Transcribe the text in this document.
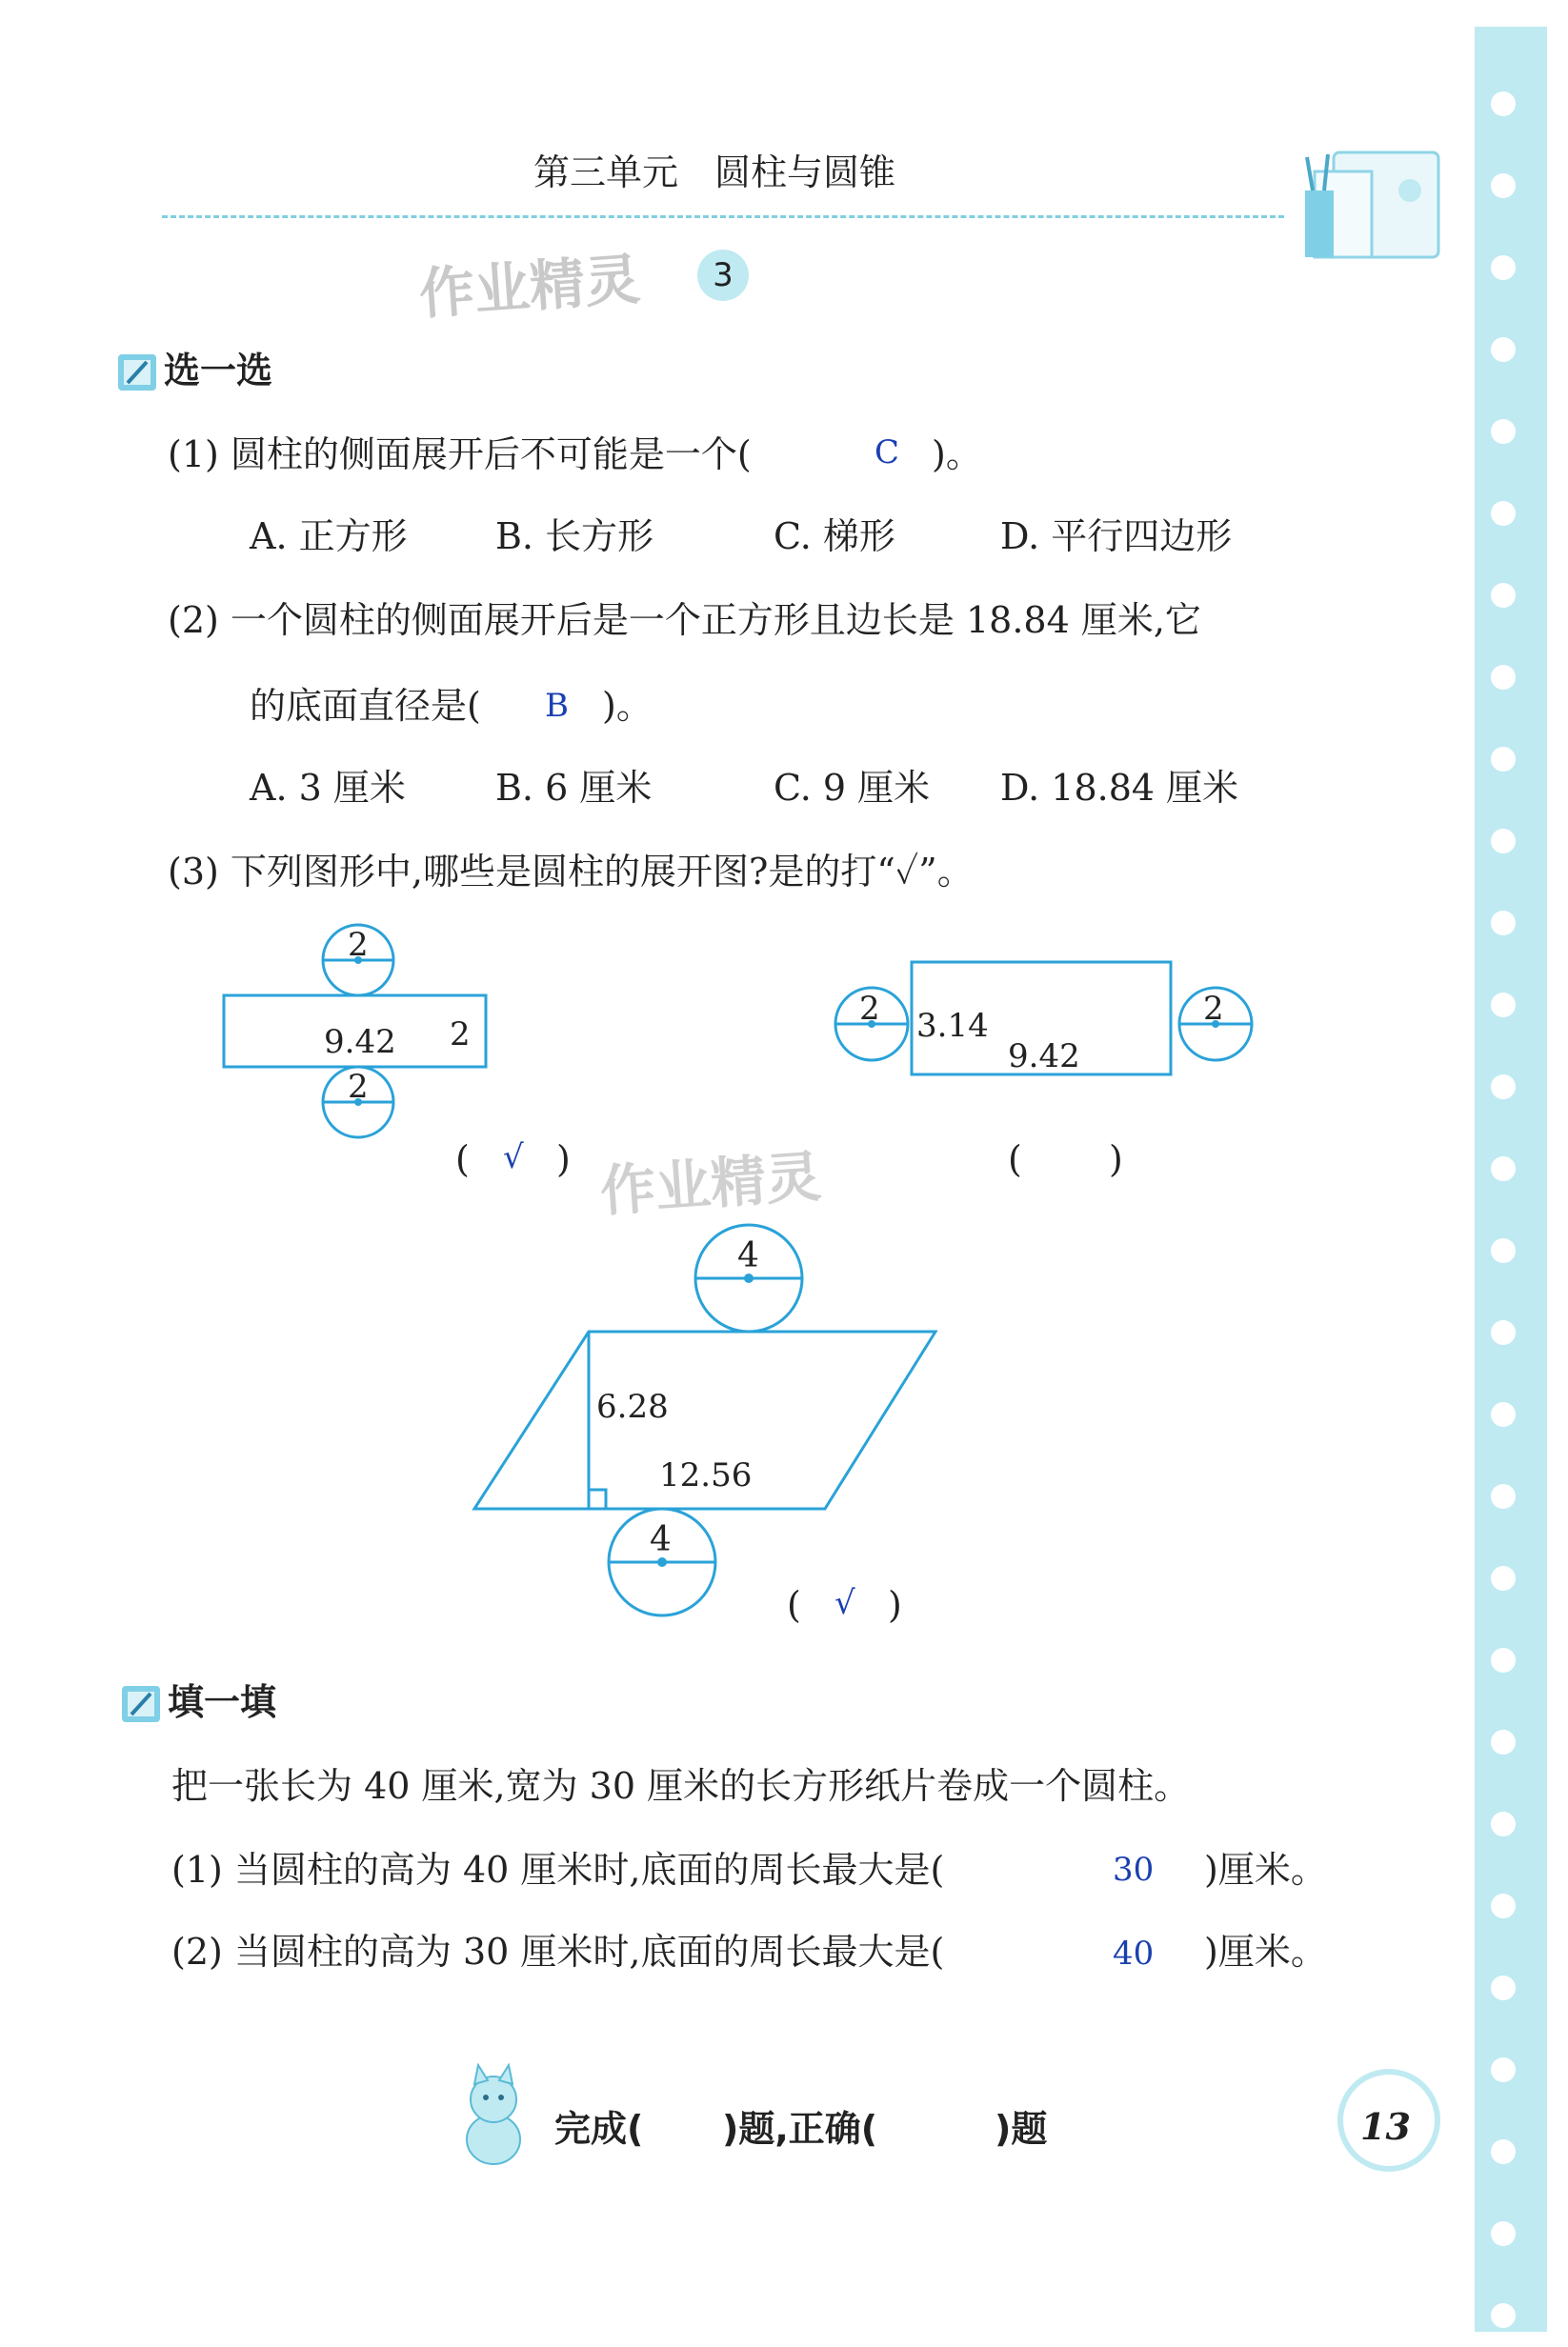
第三单元　圆柱与圆锥
作业精灵	3
选一选
(1) 圆柱的侧面展开后不可能是一个(	C )。
A. 正方形 B. 长方形	C. 梯形	D. 平行四边形
(2) 一个圆柱的侧面展开后是一个正方形且边长是 18.84 厘米,它
的底面直径是( B )。
A. 3 厘米 B. 6 厘米	C. 9 厘米 D. 18.84 厘米
(3) 下列图形中,哪些是圆柱的展开图?是的打“✓”。
2
9.42 2
2
( √ )
2 3.14
9.42
2
( )
作业精灵
4
6.28
12.56
4
( √ )
填一填
把一张长为 40 厘米,宽为 30 厘米的长方形纸片卷成一个圆柱。
(1) 当圆柱的高为 40 厘米时,底面的周长最大是(	30 )厘米。
(2) 当圆柱的高为 30 厘米时,底面的周长最大是(	40 )厘米。
完成( )题,正确(	)题	13
